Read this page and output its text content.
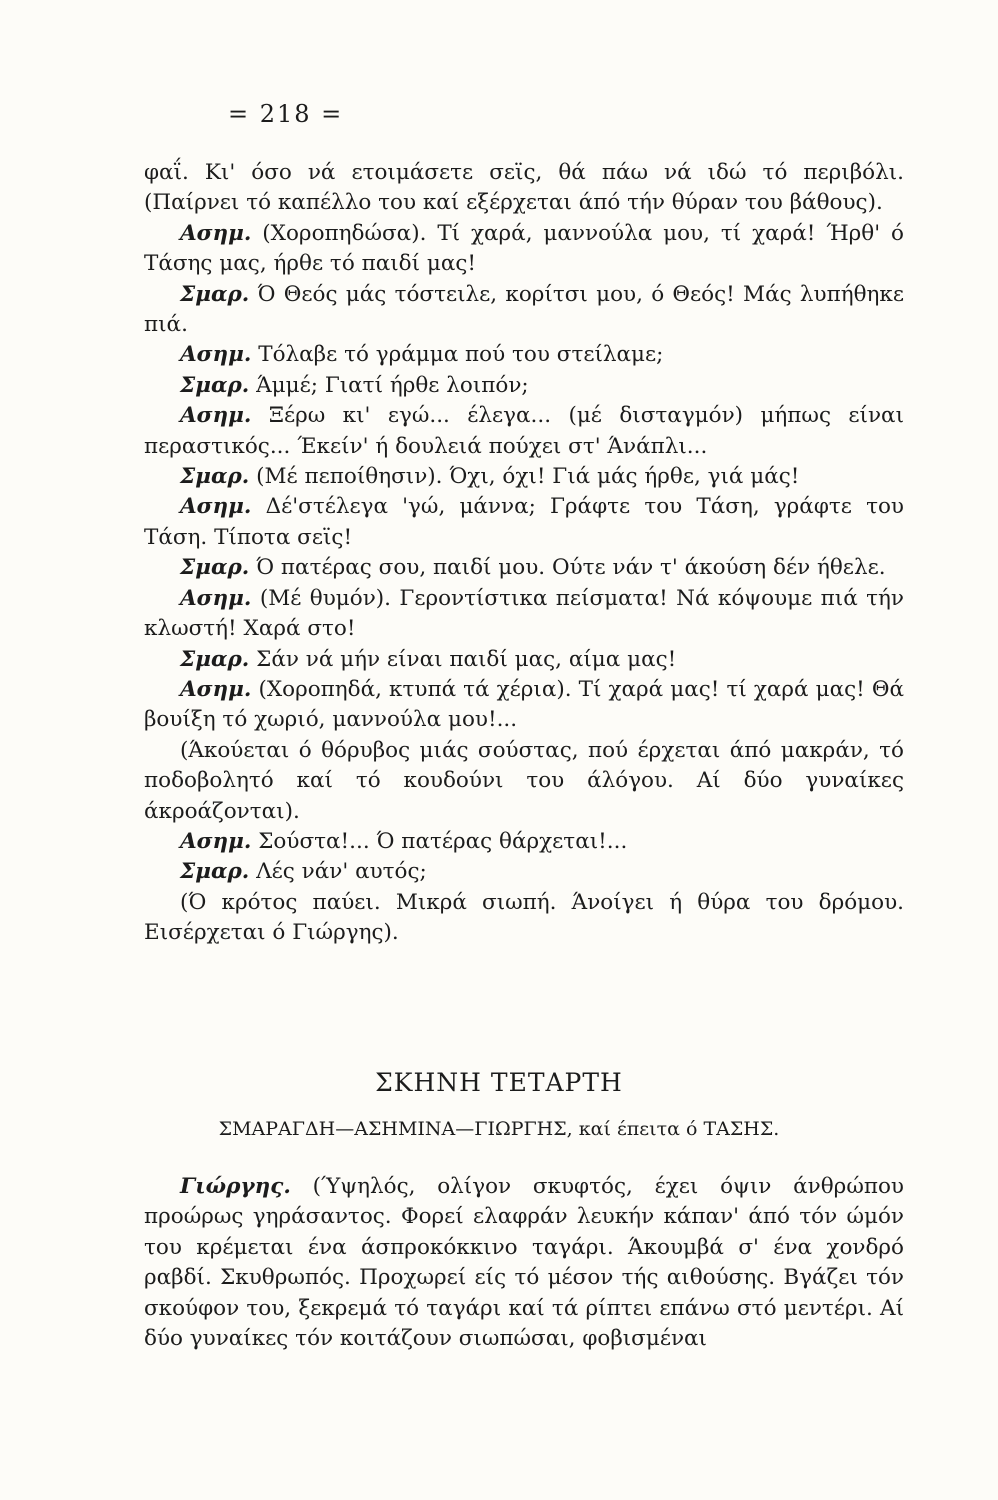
= 218 =

φαΐ. Κι' όσο νά ετοιμάσετε σεϊς, θά πάω νά ιδώ τό περιβόλι. (Παίρνει τό καπέλλο του καί εξέρχεται άπό τήν θύραν του βάθους).

Ασημ. (Χοροπηδώσα). Τί χαρά, μαννούλα μου, τί χαρά! Ήρθ' ό Τάσης μας, ήρθε τό παιδί μας!

Σμαρ. Ό Θεός μάς τόστειλε, κορίτσι μου, ό Θεός! Μάς λυπήθηκε πιά.

Ασημ. Τόλαβε τό γράμμα πού του στείλαμε;

Σμαρ. Άμμέ; Γιατί ήρθε λοιπόν;

Ασημ. Ξέρω κι' εγώ... έλεγα... (μέ δισταγμόν) μήπως είναι περαστικός... Έκείν' ή δουλειά πούχει στ' Άνάπλι...

Σμαρ. (Μέ πεποίθησιν). Όχι, όχι! Γιά μάς ήρθε, γιά μάς!

Ασημ. Δέ'στέλεγα 'γώ, μάννα; Γράφτε του Τάση, γράφτε του Τάση. Τίποτα σεϊς!

Σμαρ. Ό πατέρας σου, παιδί μου. Ούτε νάν τ' άκούση δέν ήθελε.

Ασημ. (Μέ θυμόν). Γεροντίστικα πείσματα! Νά κόψουμε πιά τήν κλωστή! Χαρά στο!

Σμαρ. Σάν νά μήν είναι παιδί μας, αίμα μας!

Ασημ. (Χοροπηδά, κτυπά τά χέρια). Τί χαρά μας! τί χαρά μας! Θά βουίξη τό χωριό, μαννούλα μου!...

(Άκούεται ό θόρυβος μιάς σούστας, πού έρχεται άπό μακράν, τό ποδοβολητό καί τό κουδούνι του άλόγου. Αί δύο γυναίκες άκροάζονται).

Ασημ. Σούστα!... Ό πατέρας θάρχεται!...

Σμαρ. Λές νάν' αυτός;

(Ό κρότος παύει. Μικρά σιωπή. Άνοίγει ή θύρα του δρόμου. Εισέρχεται ό Γιώργης).

ΣΚΗΝΗ ΤΕΤΑΡΤΗ
ΣΜΑΡΑΓΔΗ—ΑΣΗΜΙΝΑ—ΓΙΩΡΓΗΣ, καί έπειτα ό ΤΑΣΗΣ.

Γιώργης. (Ύψηλός, ολίγον σκυφτός, έχει όψιν άνθρώπου προώρως γηράσαντος. Φορεί ελαφράν λευκήν κάπαν' άπό τόν ώμόν του κρέμεται ένα άσπροκόκκινο ταγάρι. Άκουμβά σ' ένα χονδρό ραβδί. Σκυθρωπός. Προχωρεί είς τό μέσον τής αιθούσης. Βγάζει τόν σκούφον του, ξεκρεμά τό ταγάρι καί τά ρίπτει επάνω στό μεντέρι. Αί δύο γυναίκες τόν κοιτάζουν σιωπώσαι, φοβισμέναι
